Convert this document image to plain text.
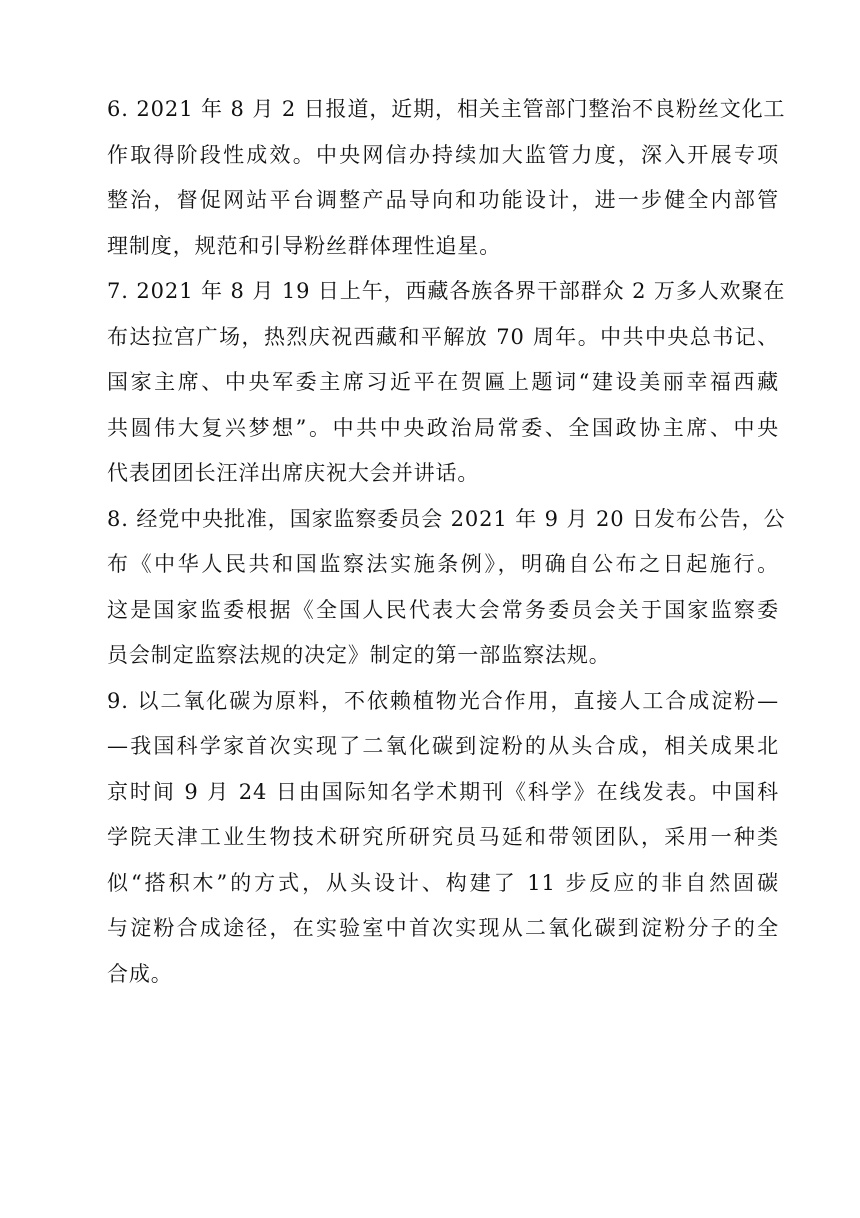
6. 2021 年 8 月 2 日报道，近期，相关主管部门整治不良粉丝文化工
作取得阶段性成效。中央网信办持续加大监管力度，深入开展专项
整治，督促网站平台调整产品导向和功能设计，进一步健全内部管
理制度，规范和引导粉丝群体理性追星。
7. 2021 年 8 月 19 日上午，西藏各族各界干部群众 2 万多人欢聚在
布达拉宫广场，热烈庆祝西藏和平解放 70 周年。中共中央总书记、
国家主席、中央军委主席习近平在贺匾上题词“建设美丽幸福西藏
共圆伟大复兴梦想”。中共中央政治局常委、全国政协主席、中央
代表团团长汪洋出席庆祝大会并讲话。
8. 经党中央批准，国家监察委员会 2021 年 9 月 20 日发布公告，公
布《中华人民共和国监察法实施条例》，明确自公布之日起施行。
这是国家监委根据《全国人民代表大会常务委员会关于国家监察委
员会制定监察法规的决定》制定的第一部监察法规。
9. 以二氧化碳为原料，不依赖植物光合作用，直接人工合成淀粉—
—我国科学家首次实现了二氧化碳到淀粉的从头合成，相关成果北
京时间 9 月 24 日由国际知名学术期刊《科学》在线发表。中国科
学院天津工业生物技术研究所研究员马延和带领团队，采用一种类
似“搭积木”的方式，从头设计、构建了 11 步反应的非自然固碳
与淀粉合成途径，在实验室中首次实现从二氧化碳到淀粉分子的全
合成。
